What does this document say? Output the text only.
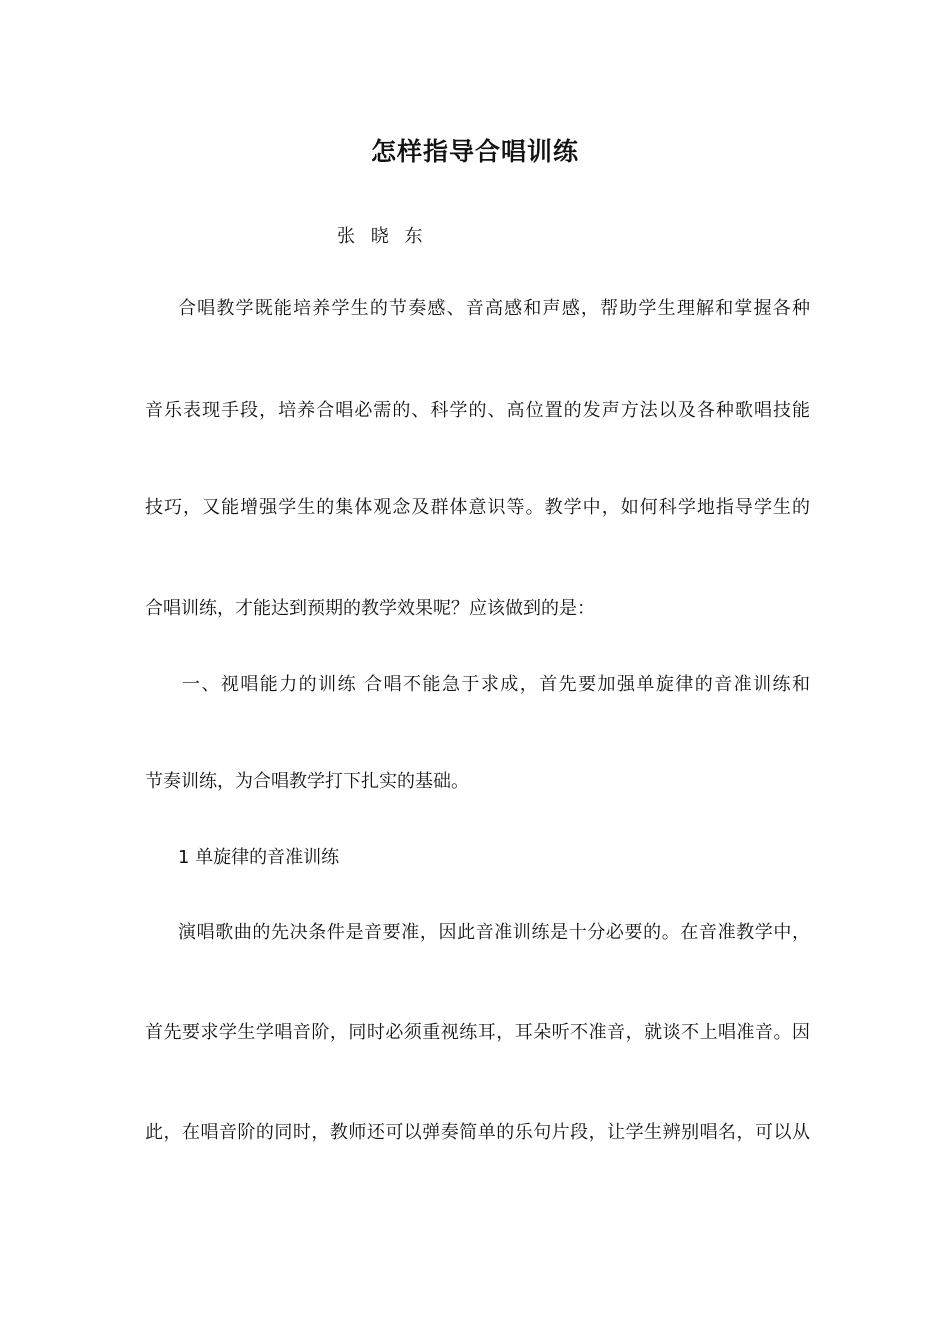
怎样指导合唱训练

张 晓 东

合唱教学既能培养学生的节奏感、音高感和声感，帮助学生理解和掌握各种

音乐表现手段，培养合唱必需的、科学的、高位置的发声方法以及各种歌唱技能

技巧，又能增强学生的集体观念及群体意识等。教学中，如何科学地指导学生的

合唱训练，才能达到预期的教学效果呢？应该做到的是：

一、视唱能力的训练 合唱不能急于求成，首先要加强单旋律的音准训练和

节奏训练，为合唱教学打下扎实的基础。

1 单旋律的音准训练

演唱歌曲的先决条件是音要准，因此音准训练是十分必要的。在音准教学中，

首先要求学生学唱音阶，同时必须重视练耳，耳朵听不准音，就谈不上唱准音。因

此，在唱音阶的同时，教师还可以弹奏简单的乐句片段，让学生辨别唱名，可以从
